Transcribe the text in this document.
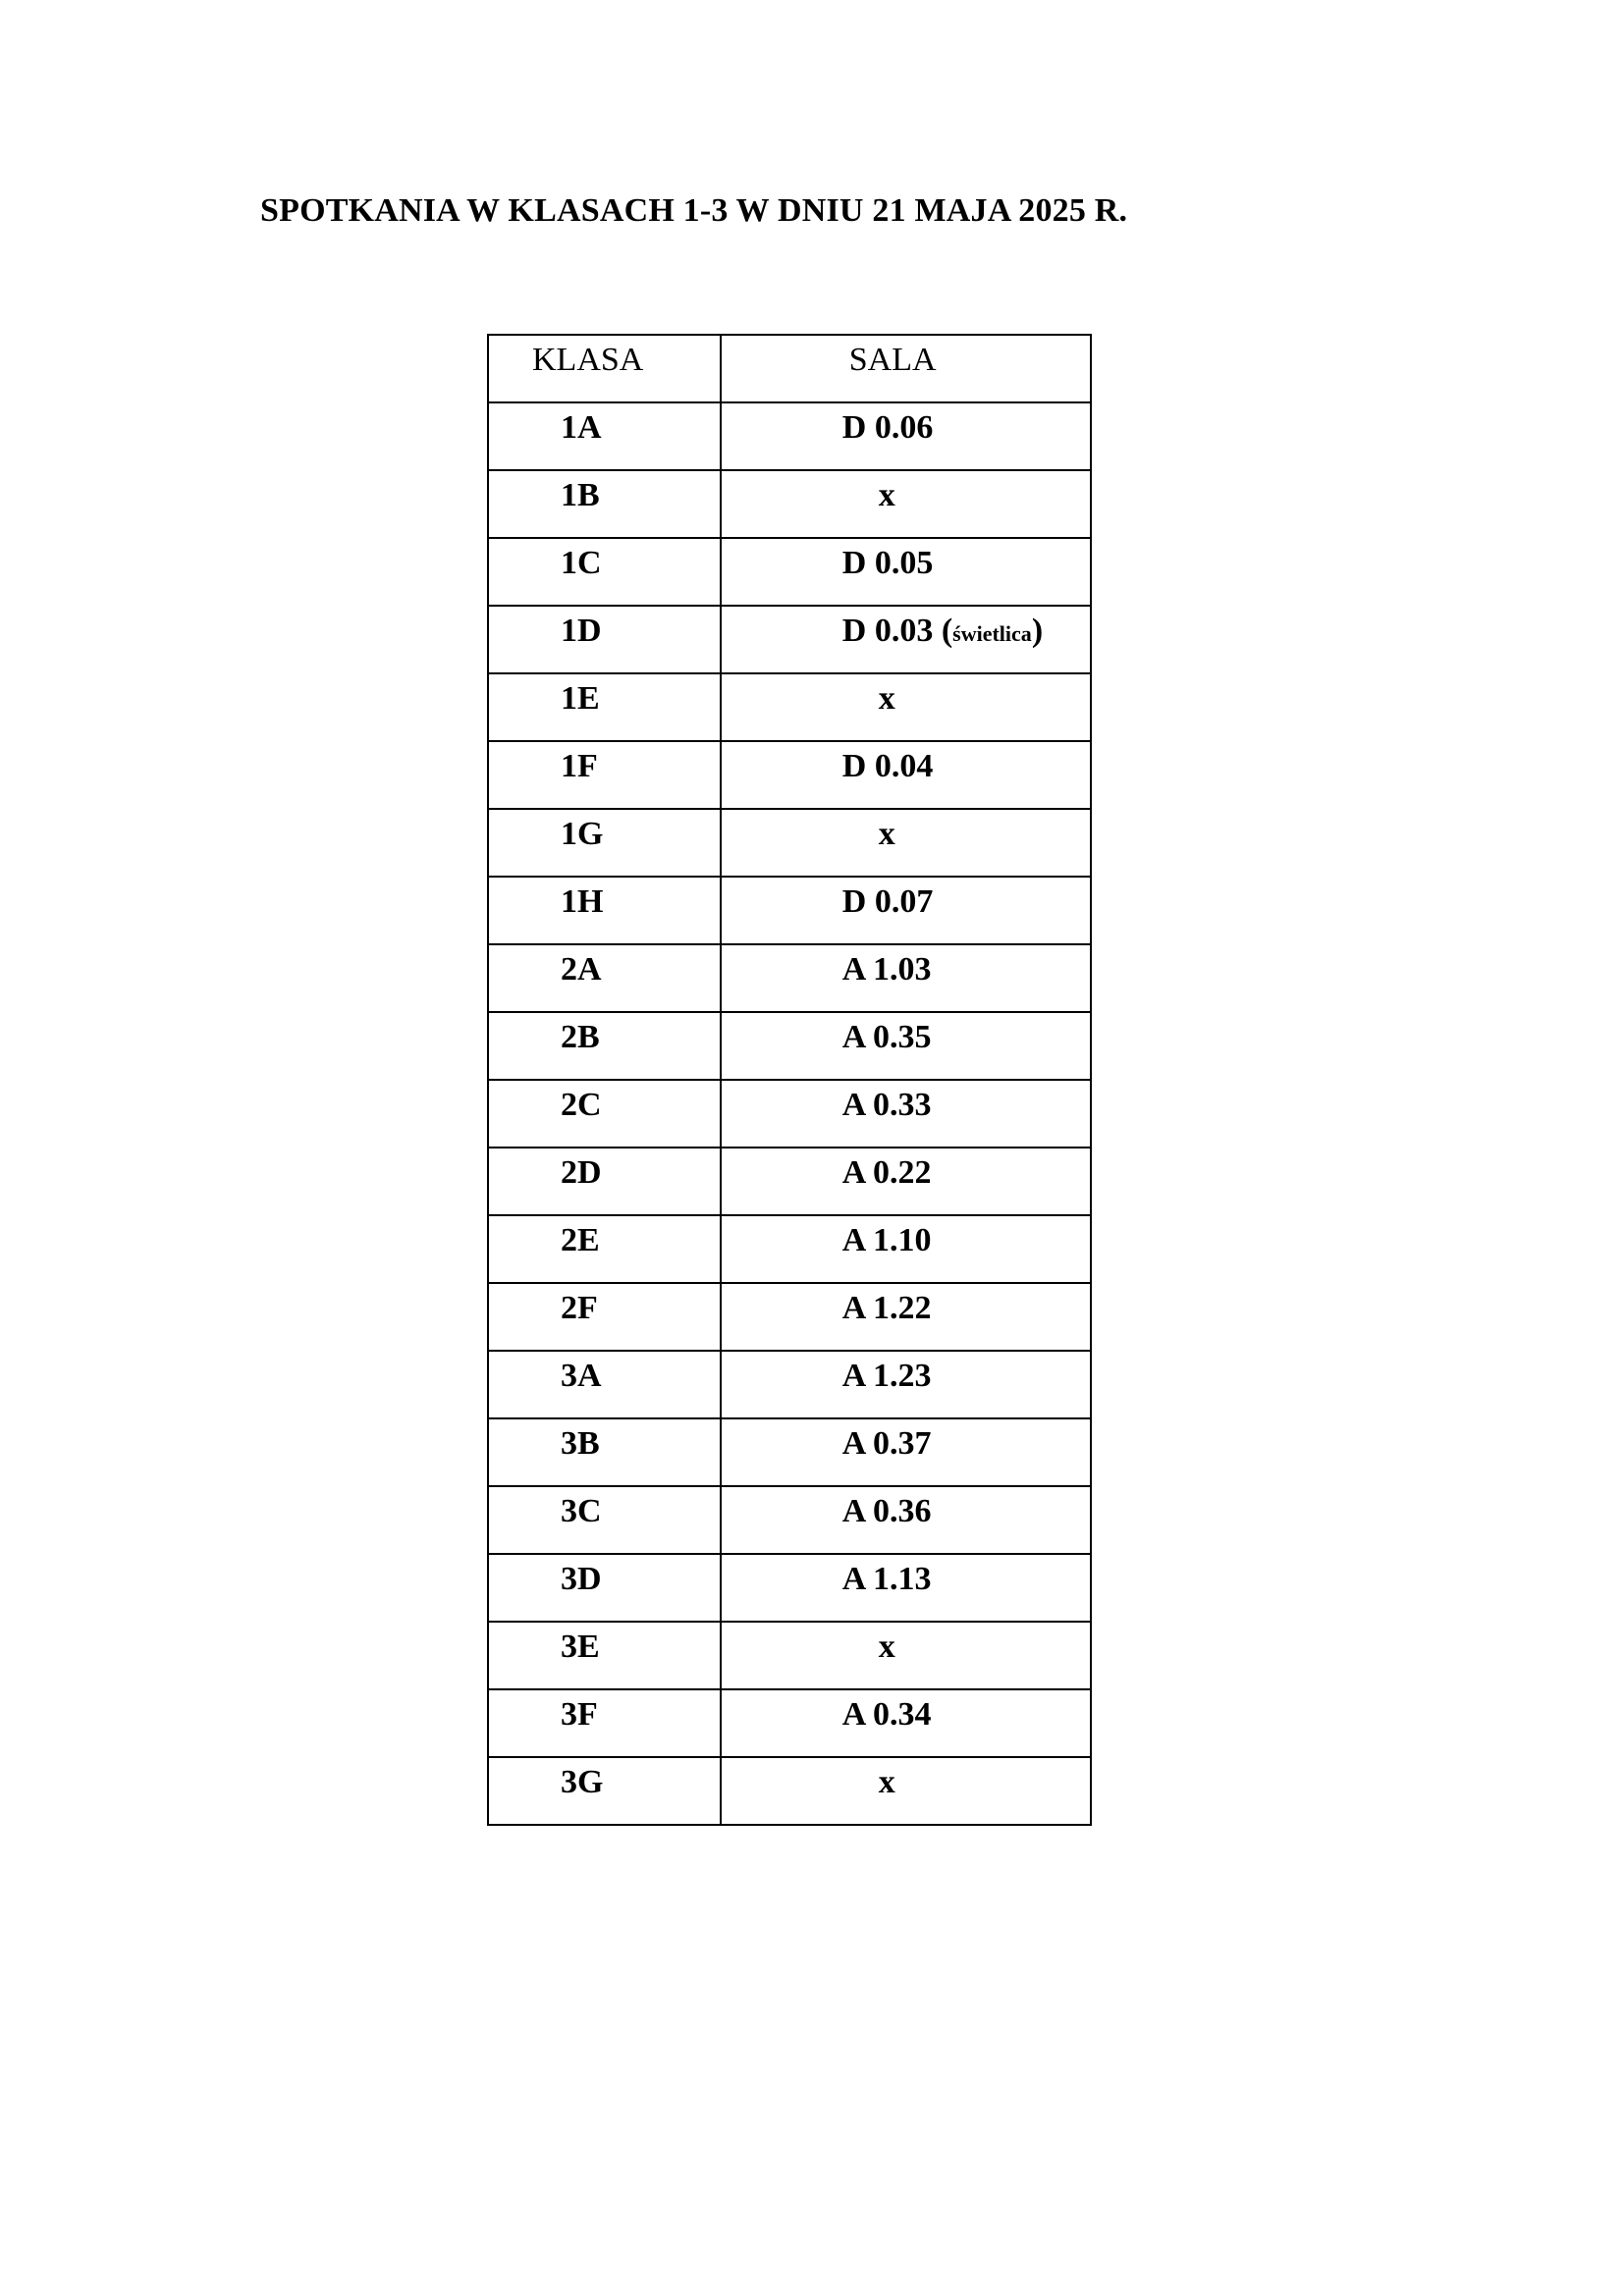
SPOTKANIA W KLASACH 1-3 W DNIU 21 MAJA 2025 R.
KLASA	SALA
1A	D 0.06
1B	x
1C	D 0.05
1D	D 0.03 (świetlica)
1E	x
1F	D 0.04
1G	x
1H	D 0.07
2A	A 1.03
2B	A 0.35
2C	A 0.33
2D	A 0.22
2E	A 1.10
2F	A 1.22
3A	A 1.23
3B	A 0.37
3C	A 0.36
3D	A 1.13
3E	x
3F	A 0.34
3G	x
